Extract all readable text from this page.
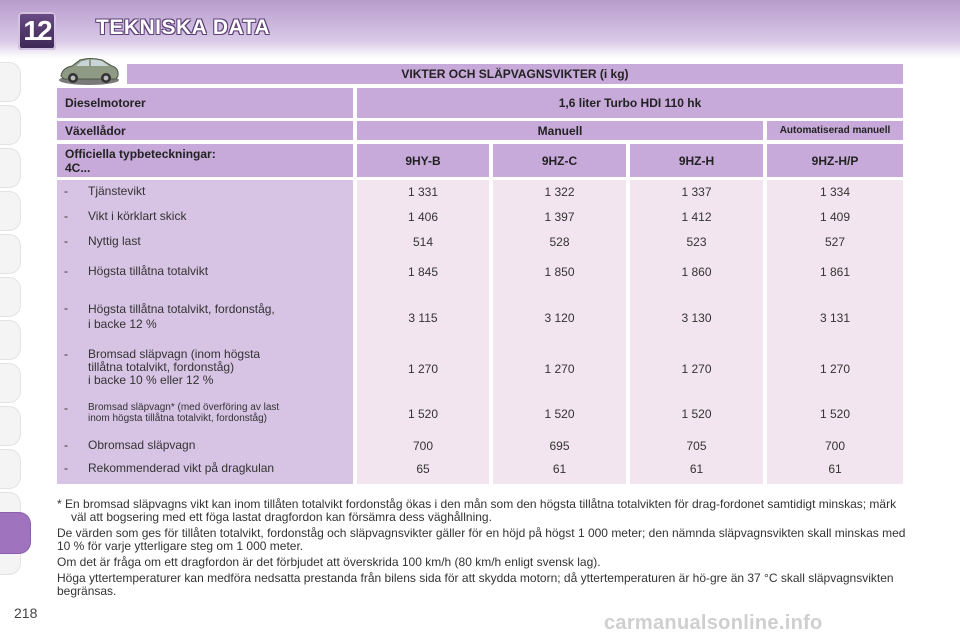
12 TEKNISKA DATA
VIKTER OCH SLÄPVAGNSVIKTER (i kg)
Dieselmotorer	1,6 liter Turbo HDI 110 hk
Växellådor	Manuell	Automatiserad manuell
Officiella typbeteckningar:
4C...	9HY-B	9HZ-C	9HZ-H	9HZ-H/P
- Tjänstevikt	1 331	1 322	1 337	1 334
- Vikt i körklart skick	1 406	1 397	1 412	1 409
- Nyttig last	514	528	523	527
- Högsta tillåtna totalvikt	1 845	1 850	1 860	1 861
- Högsta tillåtna totalvikt, fordonståg,
i backe 12 %	3 115	3 120	3 130	3 131
- Bromsad släpvagn (inom högsta
tillåtna totalvikt, fordonståg)
i backe 10 % eller 12 %
1 270	1 270	1 270	1 270
- Bromsad släpvagn* (med överföring av last
inom högsta tillåtna totalvikt, fordonståg)	1 520	1 520	1 520	1 520
- Obromsad släpvagn	700	695	705	700
- Rekommenderad vikt på dragkulan	65	61	61	61
* En bromsad släpvagns vikt kan inom tillåten totalvikt fordonståg ökas i den mån som den högsta tillåtna totalvikten för drag-fordonet samtidigt minskas; märk väl att bogsering med ett föga lastat dragfordon kan försämra dess väghållning.
De värden som ges för tillåten totalvikt, fordonståg och släpvagnsvikter gäller för en höjd på högst 1 000 meter; den nämnda släpvagnsvikten skall minskas med 10 % för varje ytterligare steg om 1 000 meter.
Om det är fråga om ett dragfordon är det förbjudet att överskrida 100 km/h (80 km/h enligt svensk lag).
Höga yttertemperaturer kan medföra nedsatta prestanda från bilens sida för att skydda motorn; då yttertemperaturen är hö-gre än 37 °C skall släpvagnsvikten begränsas.
218	carmanualsonline.info
